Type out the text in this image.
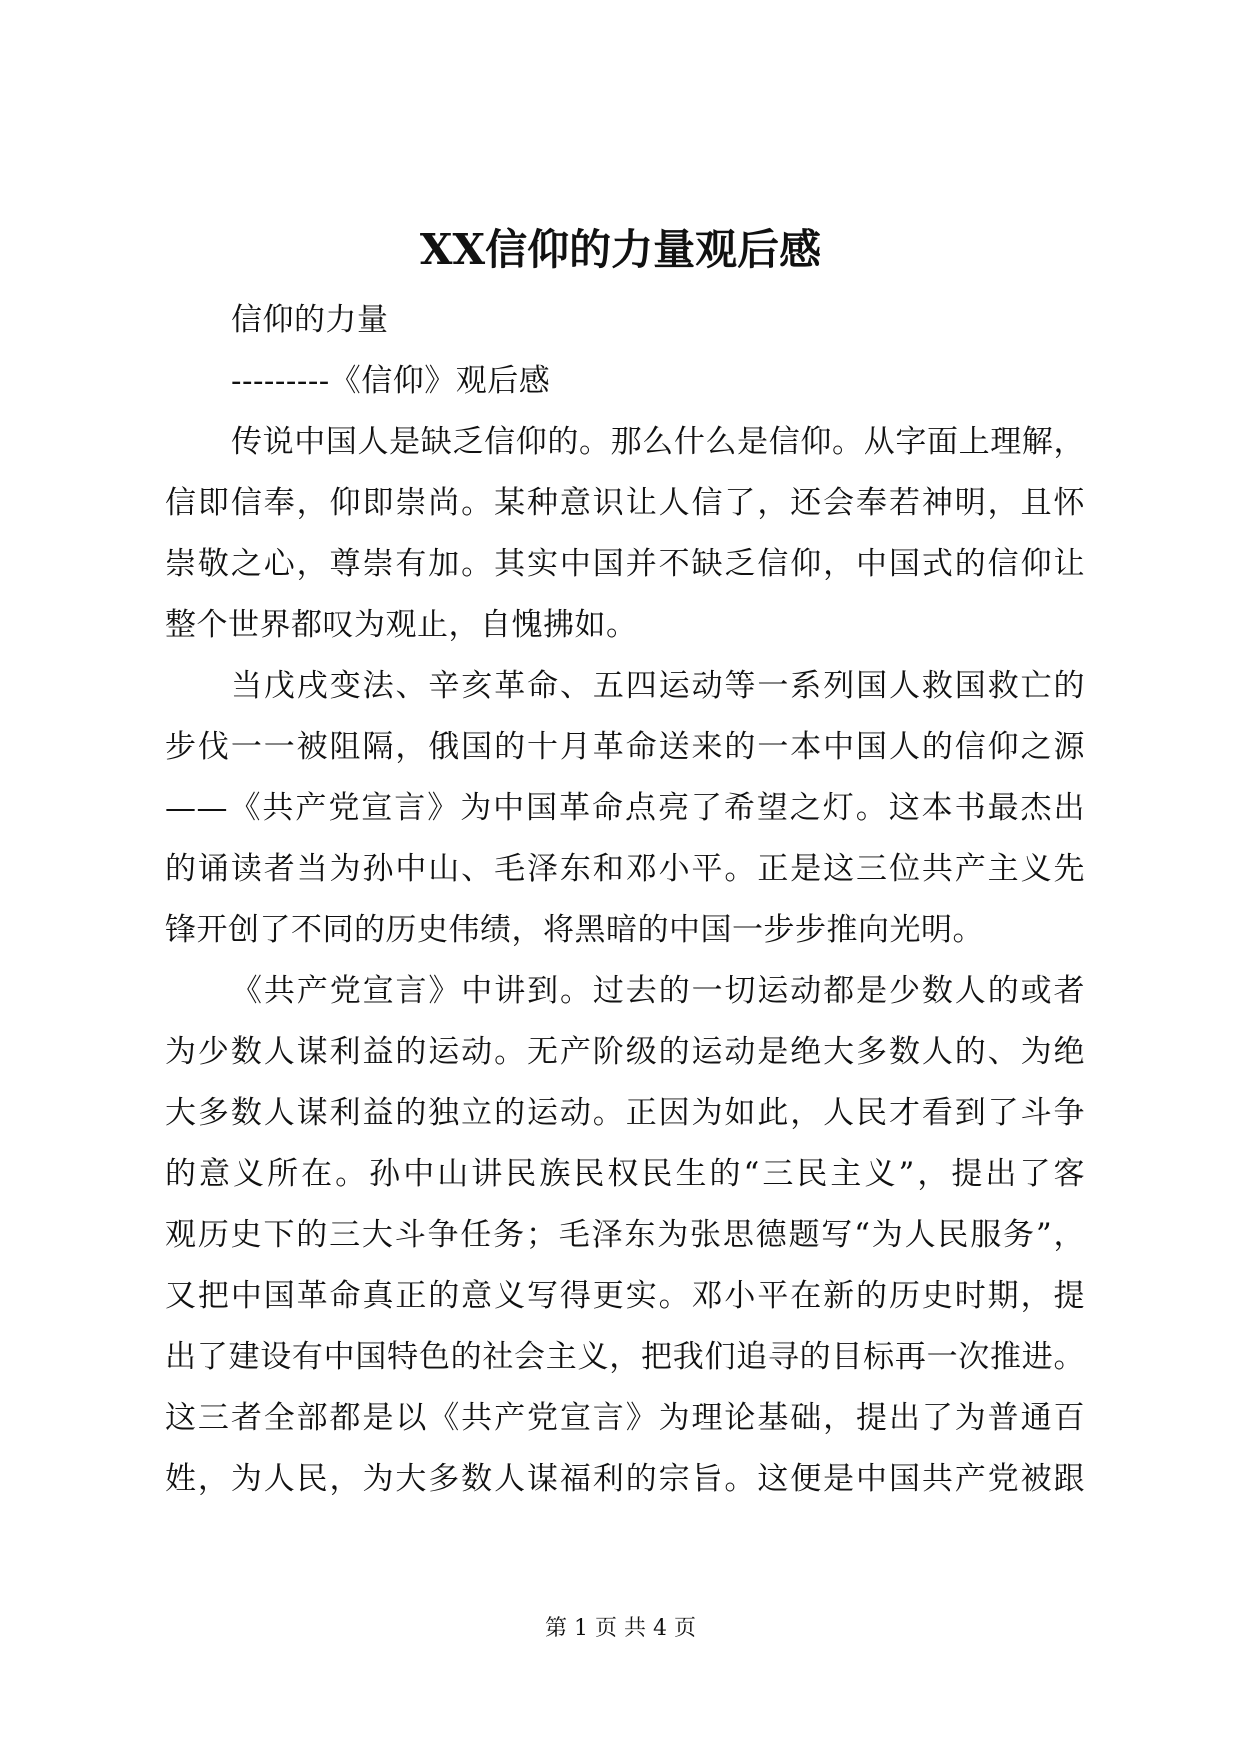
XX信仰的力量观后感
信仰的力量
---------《信仰》观后感
传说中国人是缺乏信仰的。那么什么是信仰。从字面上理解，
信即信奉，仰即崇尚。某种意识让人信了，还会奉若神明，且怀
崇敬之心，尊崇有加。其实中国并不缺乏信仰，中国式的信仰让
整个世界都叹为观止，自愧拂如。
当戊戌变法、辛亥革命、五四运动等一系列国人救国救亡的
步伐一一被阻隔，俄国的十月革命送来的一本中国人的信仰之源
——《共产党宣言》为中国革命点亮了希望之灯。这本书最杰出
的诵读者当为孙中山、毛泽东和邓小平。正是这三位共产主义先
锋开创了不同的历史伟绩，将黑暗的中国一步步推向光明。
《共产党宣言》中讲到。过去的一切运动都是少数人的或者
为少数人谋利益的运动。无产阶级的运动是绝大多数人的、为绝
大多数人谋利益的独立的运动。正因为如此，人民才看到了斗争
的意义所在。孙中山讲民族民权民生的“三民主义”，提出了客
观历史下的三大斗争任务；毛泽东为张思德题写“为人民服务”，
又把中国革命真正的意义写得更实。邓小平在新的历史时期，提
出了建设有中国特色的社会主义，把我们追寻的目标再一次推进。
这三者全部都是以《共产党宣言》为理论基础，提出了为普通百
姓，为人民，为大多数人谋福利的宗旨。这便是中国共产党被跟
第 1 页 共 4 页
